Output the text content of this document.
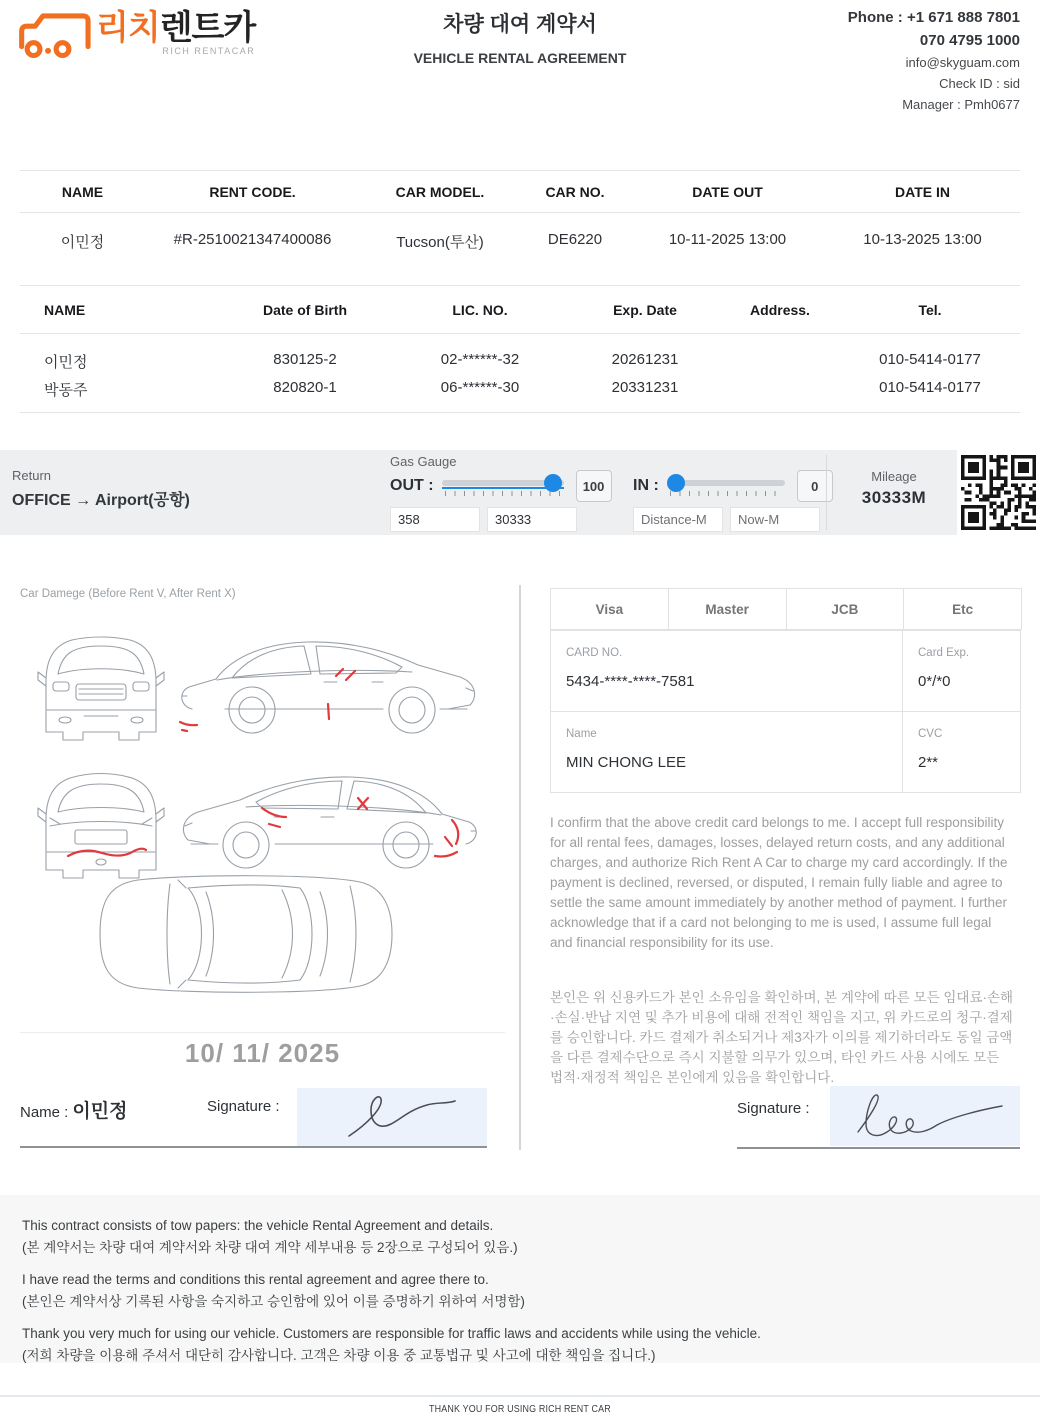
리치렌트카
RICH RENTACAR
차량 대여 계약서
VEHICLE RENTAL AGREEMENT
Phone : +1 671 888 7801
070 4795 1000
info@skyguam.com
Check ID : sid
Manager : Pmh0677
NAME	RENT CODE.	CAR MODEL.	CAR NO.	DATE OUT	DATE IN
이민정	#R-2510021347400086	Tucson(투산)	DE6220	10-11-2025 13:00	10-13-2025 13:00
NAME	Date of Birth	LIC. NO.	Exp. Date	Address.	Tel.
이민정	830125-2	02-******-32	20261231		010-5414-0177
박동주	820820-1	06-******-30	20331231		010-5414-0177
Return
OFFICE → Airport(공항)
Gas Gauge
OUT :	100
358
30333	IN :	0
Distance-M
Now-M
Mileage
30333M
Car Damege (Before Rent V, After Rent X)
10/ 11/ 2025
Name : 이민정	Signature :
Visa	Master	JCB	Etc
CARD NO.
5434-****-****-7581
Card Exp.
0*/*0
Name
MIN CHONG LEE
CVC
2**
I confirm that the above credit card belongs to me. I accept full responsibility for all rental fees, damages, losses, delayed return costs, and any additional charges, and authorize Rich Rent A Car to charge my card accordingly. If the payment is declined, reversed, or disputed, I remain fully liable and agree to settle the same amount immediately by another method of payment. I further acknowledge that if a card not belonging to me is used, I assume full legal and financial responsibility for its use.
본인은 위 신용카드가 본인 소유임을 확인하며, 본 계약에 따른 모든 임대료·손해·손실·반납 지연 및 추가 비용에 대해 전적인 책임을 지고, 위 카드로의 청구·결제를 승인합니다. 카드 결제가 취소되거나 제3자가 이의를 제기하더라도 동일 금액을 다른 결제수단으로 즉시 지불할 의무가 있으며, 타인 카드 사용 시에도 모든 법적·재정적 책임은 본인에게 있음을 확인합니다.
Signature :
This contract consists of tow papers: the vehicle Rental Agreement and details.
(본 계약서는 차량 대여 계약서와 차량 대여 계약 세부내용 등 2장으로 구성되어 있음.)
I have read the terms and conditions this rental agreement and agree there to.
(본인은 계약서상 기록된 사항을 숙지하고 승인함에 있어 이를 증명하기 위하여 서명함)
Thank you very much for using our vehicle. Customers are responsible for traffic laws and accidents while using the vehicle.
(저희 차량을 이용해 주셔서 대단히 감사합니다. 고객은 차량 이용 중 교통법규 및 사고에 대한 책임을 집니다.)
THANK YOU FOR USING RICH RENT CAR
